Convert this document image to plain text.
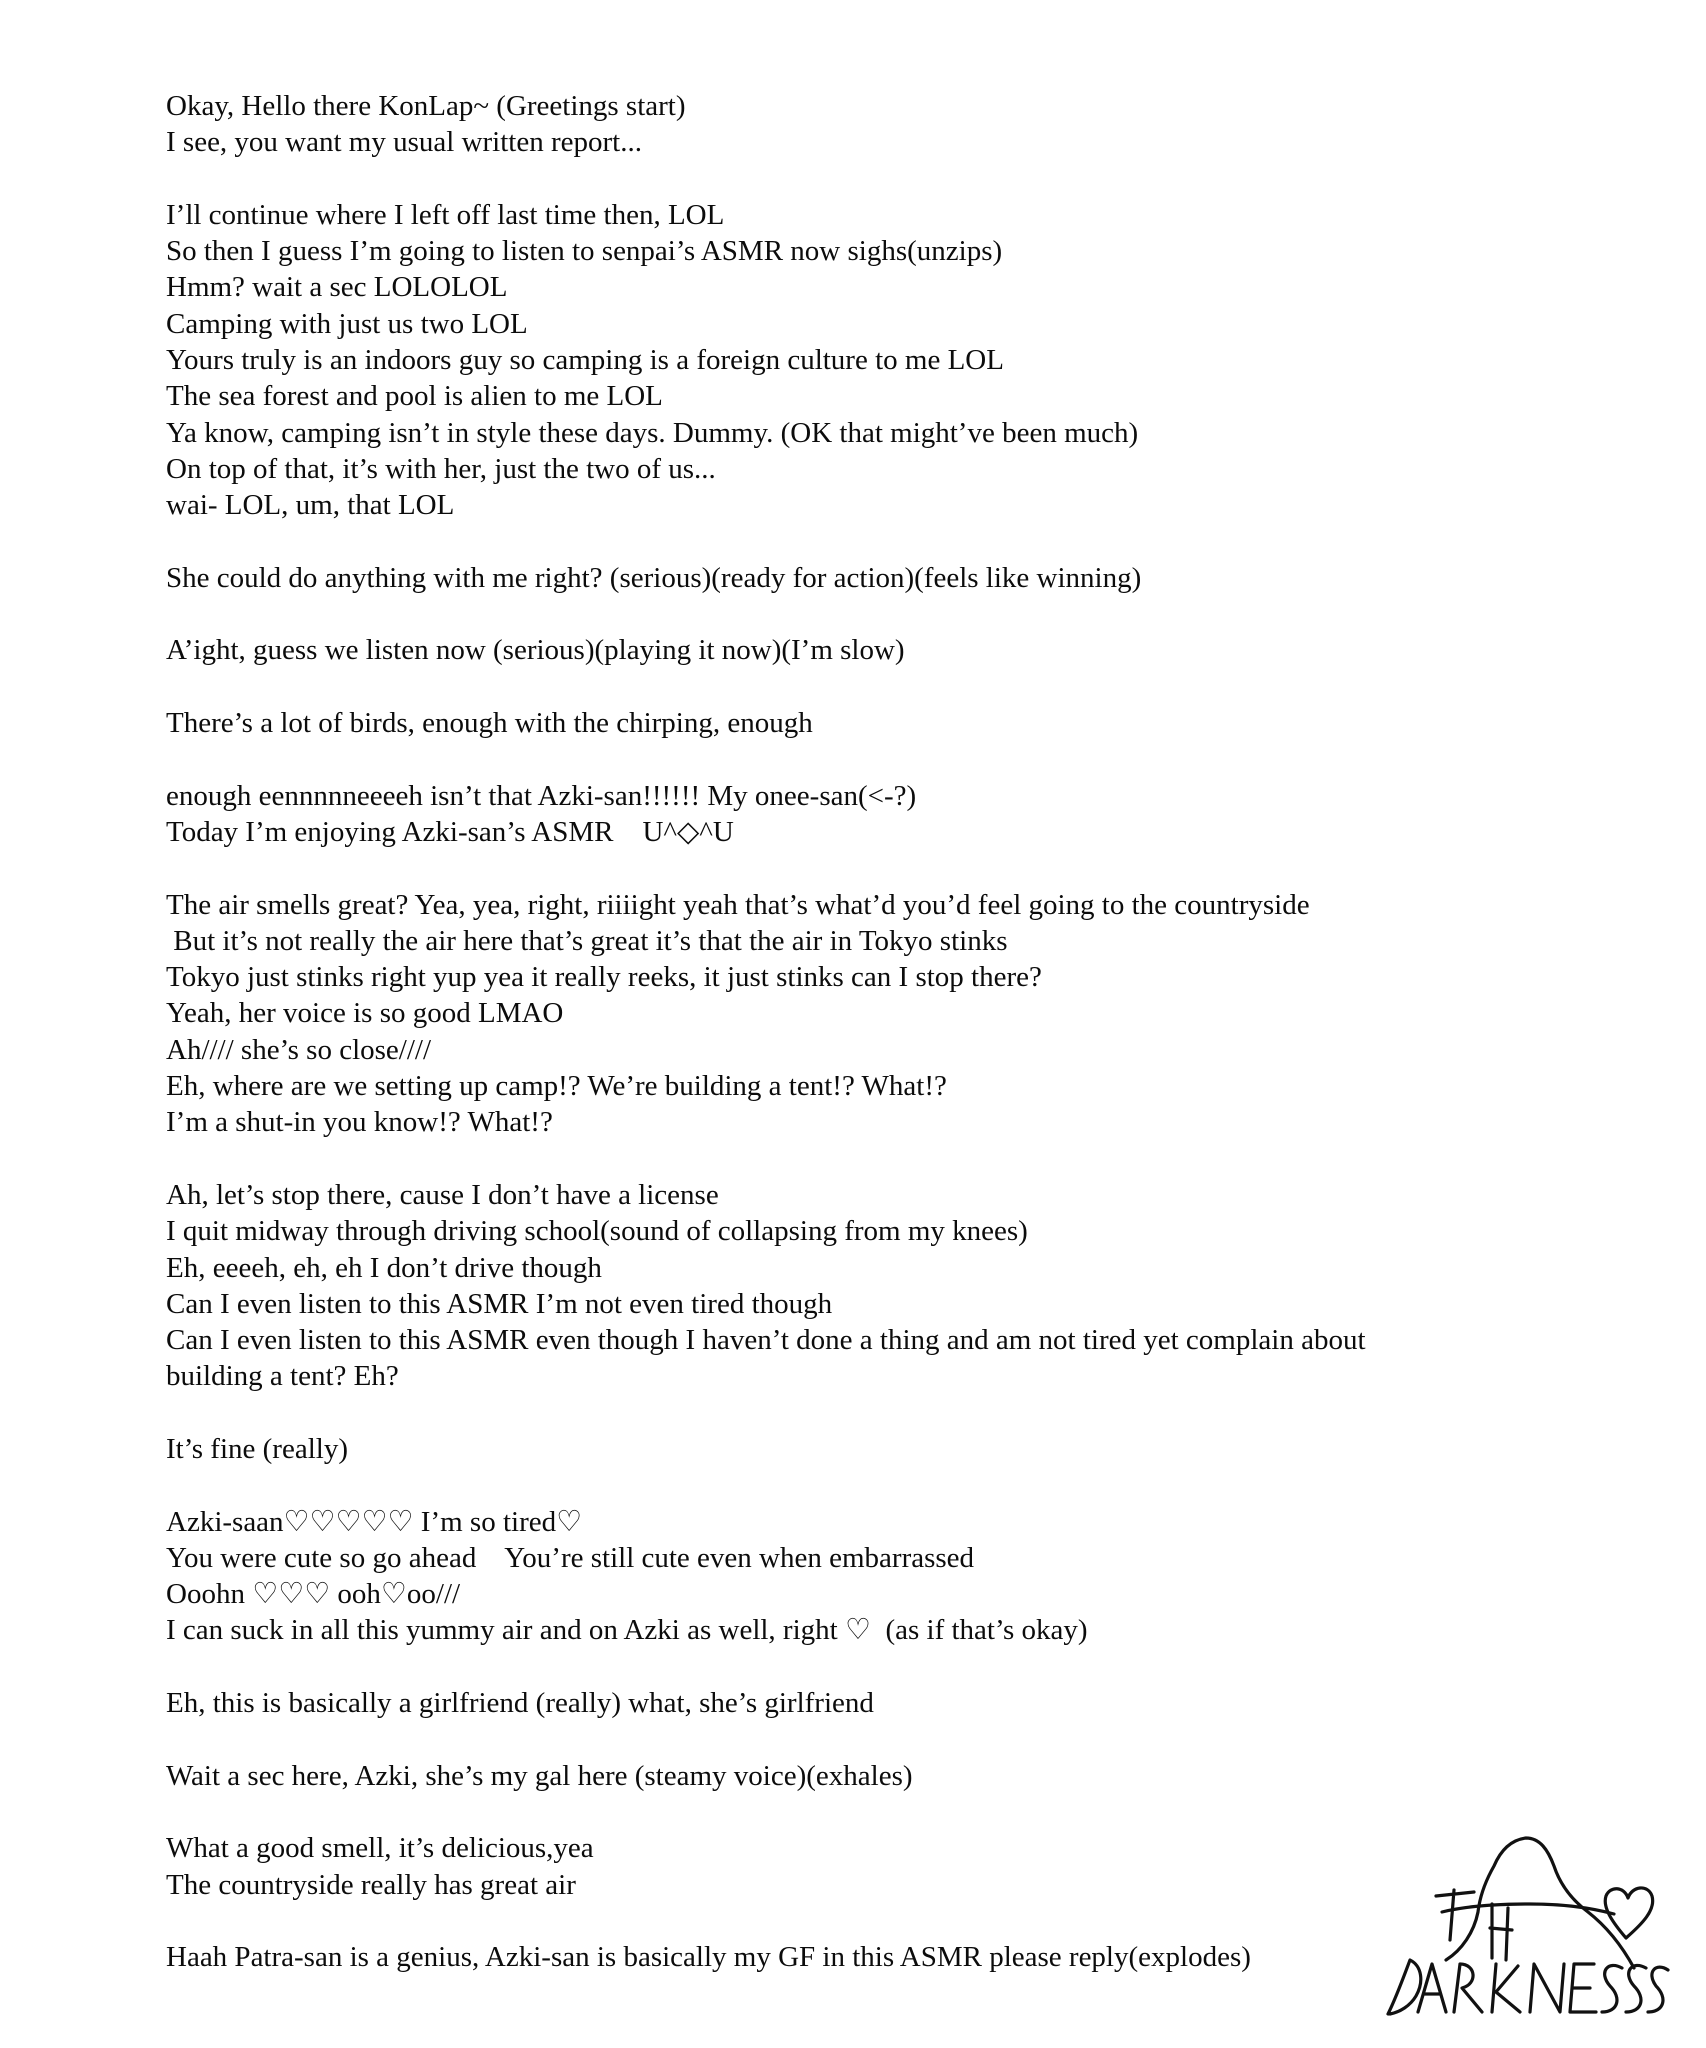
Okay, Hello there KonLap~ (Greetings start)
I see, you want my usual written report...
I’ll continue where I left off last time then, LOL
So then I guess I’m going to listen to senpai’s ASMR now sighs(unzips)
Hmm? wait a sec LOLOLOL
Camping with just us two LOL
Yours truly is an indoors guy so camping is a foreign culture to me LOL
The sea forest and pool is alien to me LOL
Ya know, camping isn’t in style these days. Dummy. (OK that might’ve been much)
On top of that, it’s with her, just the two of us...
wai- LOL, um, that LOL
She could do anything with me right? (serious)(ready for action)(feels like winning)
A’ight, guess we listen now (serious)(playing it now)(I’m slow)
There’s a lot of birds, enough with the chirping, enough
enough eennnnneeeeh isn’t that Azki-san!!!!!! My onee-san(<-?)
Today I’m enjoying Azki-san’s ASMR    U^◇^U
The air smells great? Yea, yea, right, riiiight yeah that’s what’d you’d feel going to the countryside
But it’s not really the air here that’s great it’s that the air in Tokyo stinks
Tokyo just stinks right yup yea it really reeks, it just stinks can I stop there?
Yeah, her voice is so good LMAO
Ah//// she’s so close////
Eh, where are we setting up camp!? We’re building a tent!? What!?
I’m a shut-in you know!? What!?
Ah, let’s stop there, cause I don’t have a license
I quit midway through driving school(sound of collapsing from my knees)
Eh, eeeeh, eh, eh I don’t drive though
Can I even listen to this ASMR I’m not even tired though
Can I even listen to this ASMR even though I haven’t done a thing and am not tired yet complain about
building a tent? Eh?
It’s fine (really)
Azki-saan♡♡♡♡♡ I’m so tired♡
You were cute so go ahead    You’re still cute even when embarrassed
Ooohn ♡♡♡ ooh♡oo///
I can suck in all this yummy air and on Azki as well, right ♡  (as if that’s okay)
Eh, this is basically a girlfriend (really) what, she’s girlfriend
Wait a sec here, Azki, she’s my gal here (steamy voice)(exhales)
What a good smell, it’s delicious,yea
The countryside really has great air
Haah Patra-san is a genius, Azki-san is basically my GF in this ASMR please reply(explodes)
